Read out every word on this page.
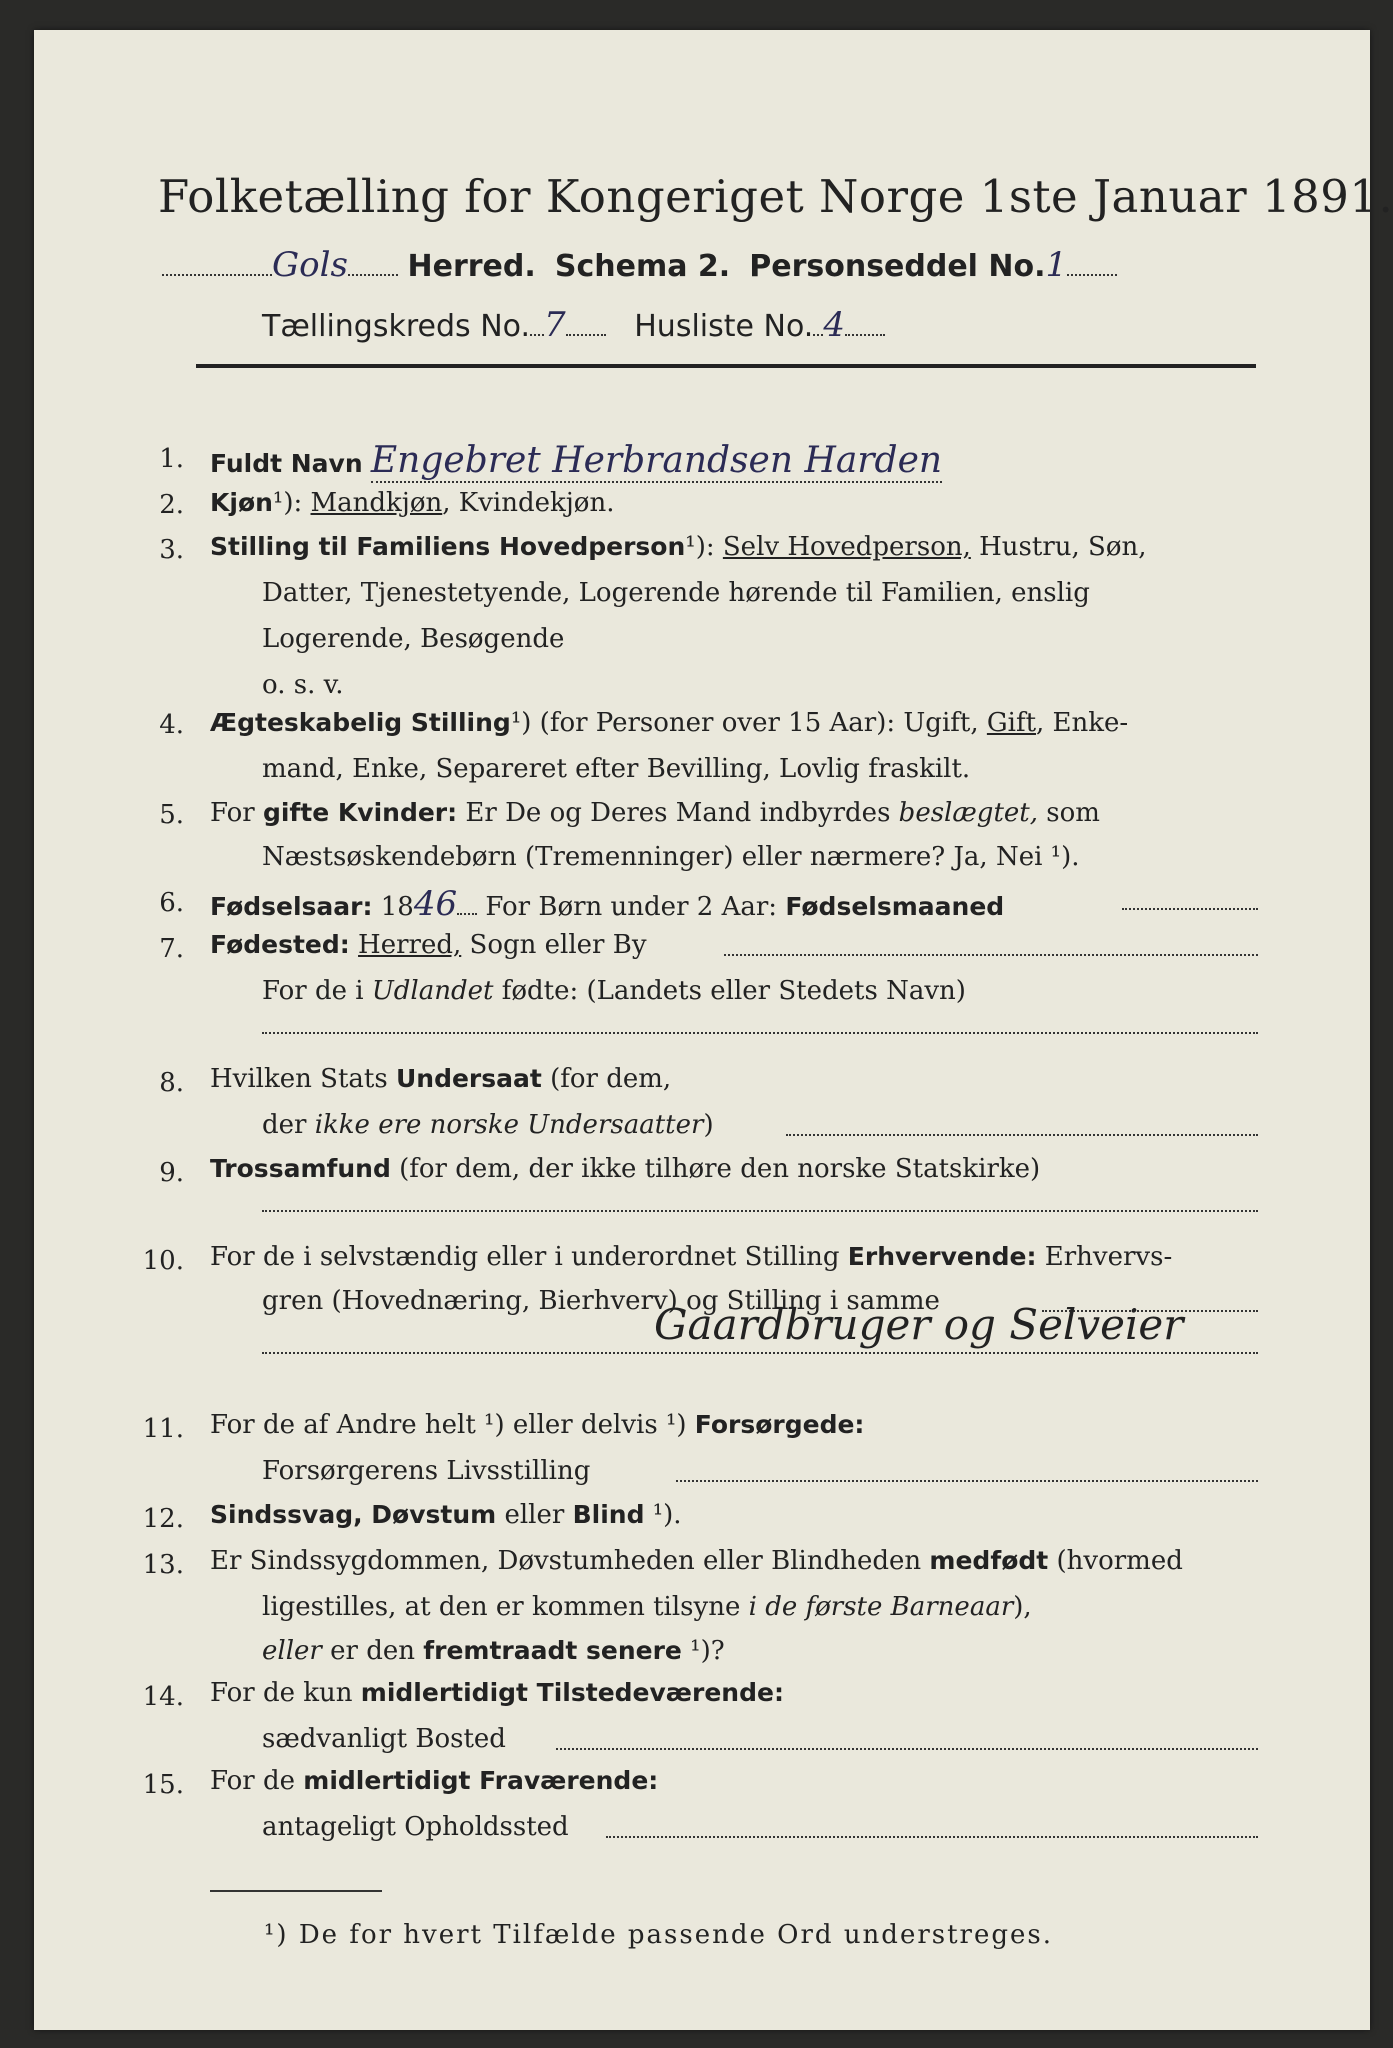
Folketælling for Kongeriget Norge 1ste Januar 1891.
Gols Herred. Schema 2. Personseddel No.1
Tællingskreds No. 7 Husliste No. 4
1. Fuldt Navn Engebret Herbrandsen Harden
2. Kjøn¹): Mandkjøn, Kvindekjøn.
3. Stilling til Familiens Hovedperson¹): Selv Hovedperson, Hustru, Søn,
Datter, Tjenestetyende, Logerende hørende til Familien, enslig
Logerende, Besøgende
o. s. v.
4. Ægteskabelig Stilling¹) (for Personer over 15 Aar): Ugift, Gift, Enke-
mand, Enke, Separeret efter Bevilling, Lovlig fraskilt.
5. For gifte Kvinder: Er De og Deres Mand indbyrdes beslægtet, som
Næstsøskendebørn (Tremenninger) eller nærmere? Ja, Nei ¹).
6. Fødselsaar: 1846 For Børn under 2 Aar: Fødselsmaaned
7. Fødested: Herred, Sogn eller By
For de i Udlandet fødte: (Landets eller Stedets Navn)
8. Hvilken Stats Undersaat (for dem,
der ikke ere norske Undersaatter)
9. Trossamfund (for dem, der ikke tilhøre den norske Statskirke)
10. For de i selvstændig eller i underordnet Stilling Erhvervende: Erhvervs-
gren (Hovednæring, Bierhverv) og Stilling i samme
Gaardbruger og Selveier
11. For de af Andre helt ¹) eller delvis ¹) Forsørgede:
Forsørgerens Livsstilling
12. Sindssvag, Døvstum eller Blind ¹).
13. Er Sindssygdommen, Døvstumheden eller Blindheden medfødt (hvormed
ligestilles, at den er kommen tilsyne i de første Barneaar),
eller er den fremtraadt senere ¹)?
14. For de kun midlertidigt Tilstedeværende:
sædvanligt Bosted
15. For de midlertidigt Fraværende:
antageligt Opholdssted
¹) De for hvert Tilfælde passende Ord understreges.
